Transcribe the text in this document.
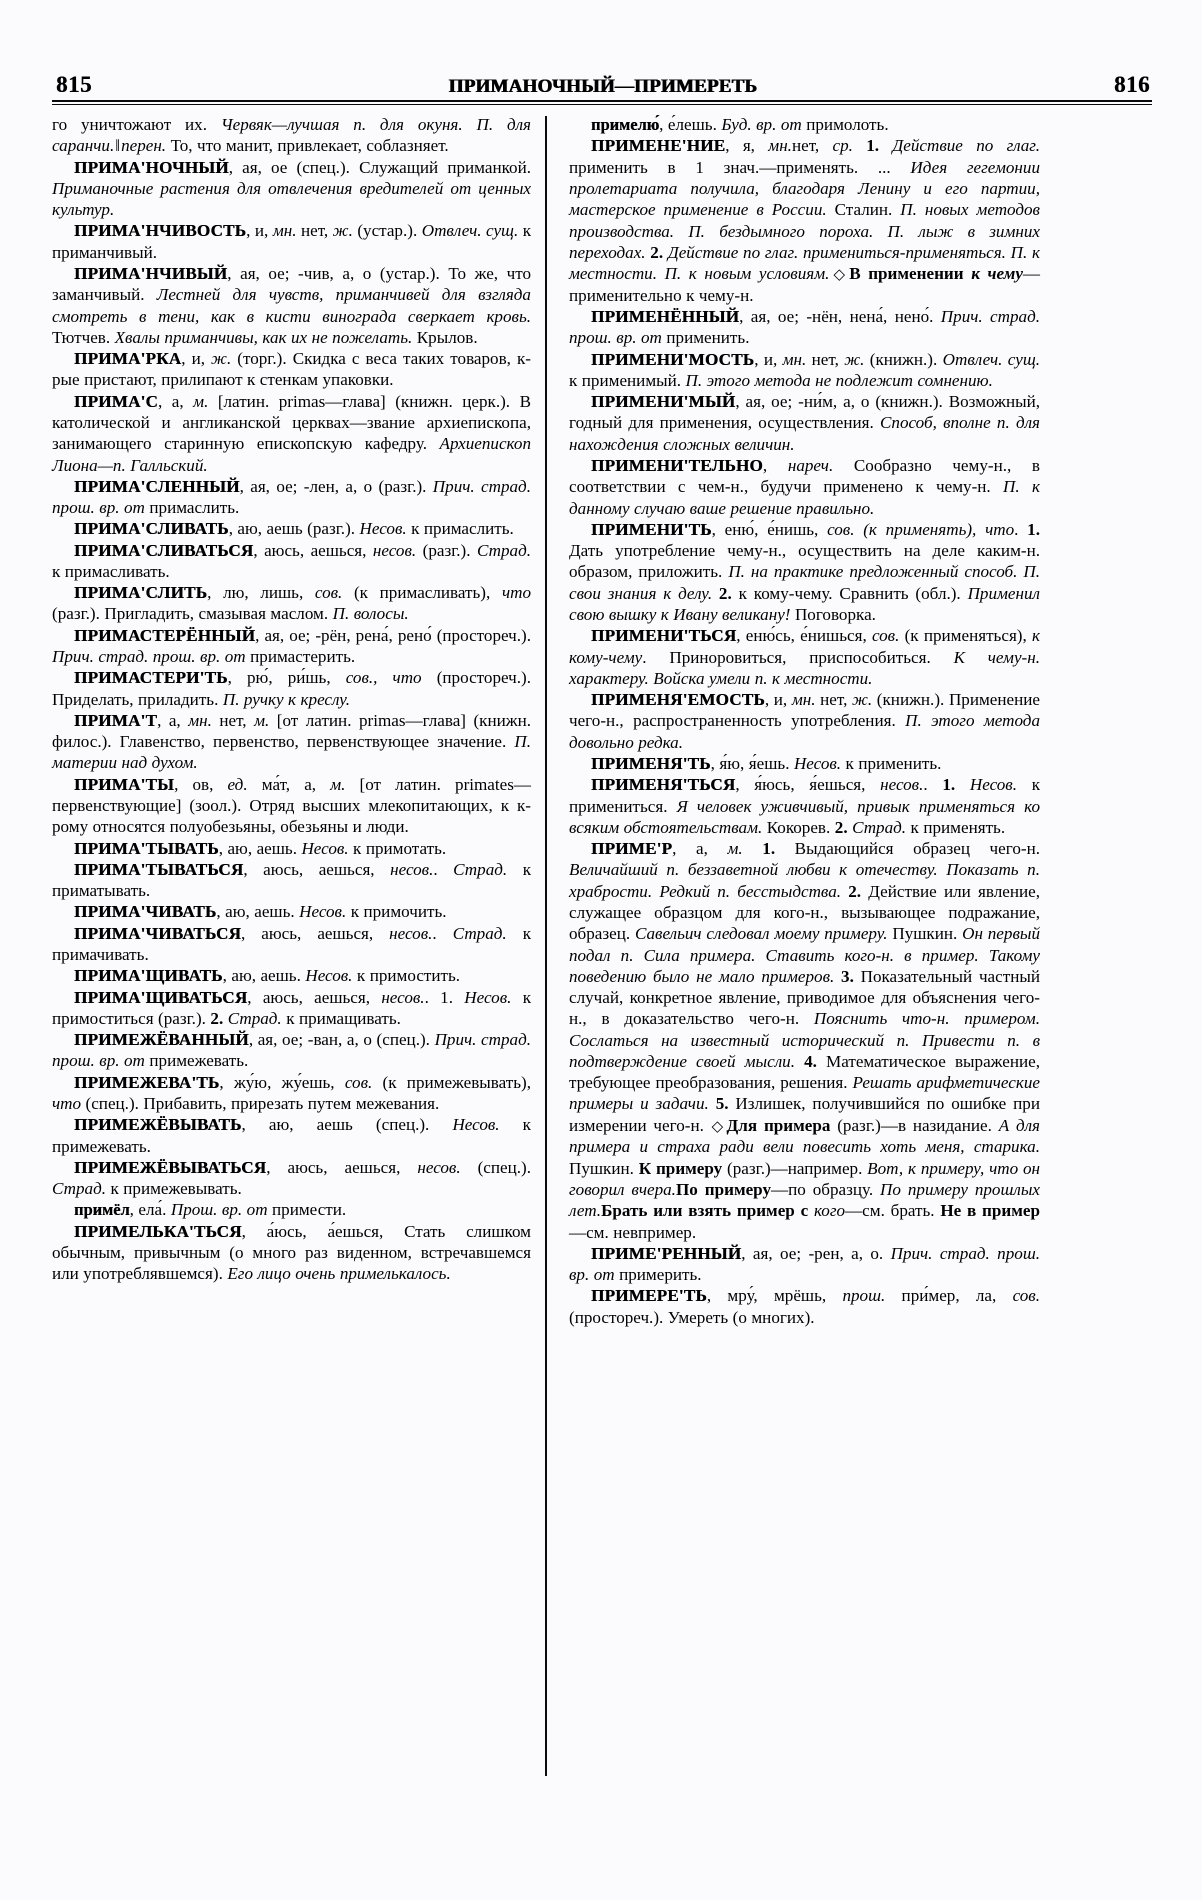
815	ПРИМАНОЧНЫЙ—ПРИМЕРЕТЬ	816

го уничтожают их. Червяк—лучшая п. для окуня. П. для саранчи.‖перен. То, что манит, привлекает, соблазняет.

ПРИМА'НОЧНЫЙ, ая, ое (спец.). Служащий приманкой. Приманочные растения для отвлечения вредителей от ценных культур.

ПРИМА'НЧИВОСТЬ, и, мн. нет, ж. (устар.). Отвлеч. сущ. к приманчивый.

ПРИМА'НЧИВЫЙ, ая, ое; -чив, а, о (устар.). То же, что заманчивый. Лестней для чувств, приманчивей для взгляда смотреть в тени, как в кисти винограда сверкает кровь. Тютчев. Хвалы приманчивы, как их не пожелать. Крылов.

ПРИМА'РКА, и, ж. (торг.). Скидка с веса таких товаров, к-рые пристают, прилипают к стенкам упаковки.

ПРИМА'С, а, м. [латин. primas—глава] (книжн. церк.). В католической и англиканской церквах—звание архиепископа, занимающего старинную епископскую кафедру. Архиепископ Лиона—п. Галльский.

ПРИМА'СЛЕННЫЙ, ая, ое; -лен, а, о (разг.). Прич. страд. прош. вр. от примаслить.

ПРИМА'СЛИВАТЬ, аю, аешь (разг.). Несов. к примаслить.

ПРИМА'СЛИВАТЬСЯ, аюсь, аешься, несов. (разг.). Страд. к примасливать.

ПРИМА'СЛИТЬ, лю, лишь, сов. (к примасливать), что (разг.). Пригладить, смазывая маслом. П. волосы.

ПРИМАСТЕРЁННЫЙ, ая, ое; -рён, рена́, рено́ (простореч.). Прич. страд. прош. вр. от примастерить.

ПРИМАСТЕРИ'ТЬ, рю́, ри́шь, сов., что (простореч.). Приделать, приладить. П. ручку к креслу.

ПРИМА'Т, а, мн. нет, м. [от латин. primas—глава] (книжн. филос.). Главенство, первенство, первенствующее значение. П. материи над духом.

ПРИМА'ТЫ, ов, ед. ма́т, а, м. [от латин. primates—первенствующие] (зоол.). Отряд высших млекопитающих, к к-рому относятся полуобезьяны, обезьяны и люди.

ПРИМА'ТЫВАТЬ, аю, аешь. Несов. к примотать.

ПРИМА'ТЫВАТЬСЯ, аюсь, аешься, несов.. Страд. к приматывать.

ПРИМА'ЧИВАТЬ, аю, аешь. Несов. к примочить.

ПРИМА'ЧИВАТЬСЯ, аюсь, аешься, несов.. Страд. к примачивать.

ПРИМА'ЩИВАТЬ, аю, аешь. Несов. к примостить.

ПРИМА'ЩИВАТЬСЯ, аюсь, аешься, несов.. 1. Несов. к примоститься (разг.). 2. Страд. к примащивать.

ПРИМЕЖЁВАННЫЙ, ая, ое; -ван, а, о (спец.). Прич. страд. прош. вр. от примежевать.

ПРИМЕЖЕВА'ТЬ, жу́ю, жу́ешь, сов. (к примежевывать), что (спец.). Прибавить, прирезать путем межевания.

ПРИМЕЖЁВЫВАТЬ, аю, аешь (спец.). Несов. к примежевать.

ПРИМЕЖЁВЫВАТЬСЯ, аюсь, аешься, несов. (спец.). Страд. к примежевывать.

примёл, ела́. Прош. вр. от примести.

ПРИМЕЛЬКА'ТЬСЯ, а́юсь, а́ешься, Стать слишком обычным, привычным (о много раз виденном, встречавшемся или употреблявшемся). Его лицо очень примелькалось.

примелю́, е́лешь. Буд. вр. от примолоть.

ПРИМЕНЕ'НИЕ, я, мн.нет, ср. 1. Действие по глаг. применить в 1 знач.—применять. ... Идея гегемонии пролетариата получила, благодаря Ленину и его партии, мастерское применение в России. Сталин. П. новых методов производства. П. бездымного пороха. П. лыж в зимних переходах. 2. Действие по глаг. примениться-применяться. П. к местности. П. к новым условиям.◇В применении к чему—применительно к чему-н.

ПРИМЕНЁННЫЙ, ая, ое; -нён, нена́, нено́. Прич. страд. прош. вр. от применить.

ПРИМЕНИ'МОСТЬ, и, мн. нет, ж. (книжн.). Отвлеч. сущ. к применимый. П. этого метода не подлежит сомнению.

ПРИМЕНИ'МЫЙ, ая, ое; -ни́м, а, о (книжн.). Возможный, годный для применения, осуществления. Способ, вполне п. для нахождения сложных величин.

ПРИМЕНИ'ТЕЛЬНО, нареч. Сообразно чему-н., в соответствии с чем-н., будучи применено к чему-н. П. к данному случаю ваше решение правильно.

ПРИМЕНИ'ТЬ, еню́, е́нишь, сов. (к применять), что. 1. Дать употребление чему-н., осуществить на деле каким-н. образом, приложить. П. на практике предложенный способ. П. свои знания к делу. 2. к кому-чему. Сравнить (обл.). Применил свою вышку к Ивану великану! Поговорка.

ПРИМЕНИ'ТЬСЯ, еню́сь, е́нишься, сов. (к применяться), к кому-чему. Приноровиться, приспособиться. К чему-н. характеру. Войска умели п. к местности.

ПРИМЕНЯ'ЕМОСТЬ, и, мн. нет, ж. (книжн.). Применение чего-н., распространенность употребления. П. этого метода довольно редка.

ПРИМЕНЯ'ТЬ, я́ю, я́ешь. Несов. к применить.

ПРИМЕНЯ'ТЬСЯ, я́юсь, я́ешься, несов.. 1. Несов. к примениться. Я человек уживчивый, привык применяться ко всяким обстоятельствам. Кокорев. 2. Страд. к применять.

ПРИМЕ'Р, а, м. 1. Выдающийся образец чего-н. Величайший п. беззаветной любви к отечеству. Показать п. храбрости. Редкий п. бесстыдства. 2. Действие или явление, служащее образцом для кого-н., вызывающее подражание, образец. Савельич следовал моему примеру. Пушкин. Он первый подал п. Сила примера. Ставить кого-н. в пример. Такому поведению было не мало примеров. 3. Показательный частный случай, конкретное явление, приводимое для объяснения чего-н., в доказательство чего-н. Пояснить что-н. примером. Сослаться на известный исторический п. Привести п. в подтверждение своей мысли. 4. Математическое выражение, требующее преобразования, решения. Решать арифметические примеры и задачи. 5. Излишек, получившийся по ошибке при измерении чего-н. ◇Для примера (разг.)—в назидание. А для примера и страха ради вели повесить хоть меня, старика. Пушкин. К примеру (разг.)—например. Вот, к примеру, что он говорил вчера.По примеру—по образцу. По примеру прошлых лет.Брать или взять пример с кого—см. брать. Не в пример—см. невпример.

ПРИМЕ'РЕННЫЙ, ая, ое; -рен, а, о. Прич. страд. прош. вр. от примерить.

ПРИМЕРЕ'ТЬ, мру́, мрёшь, прош. при́мер, ла, сов. (простореч.). Умереть (о многих).
